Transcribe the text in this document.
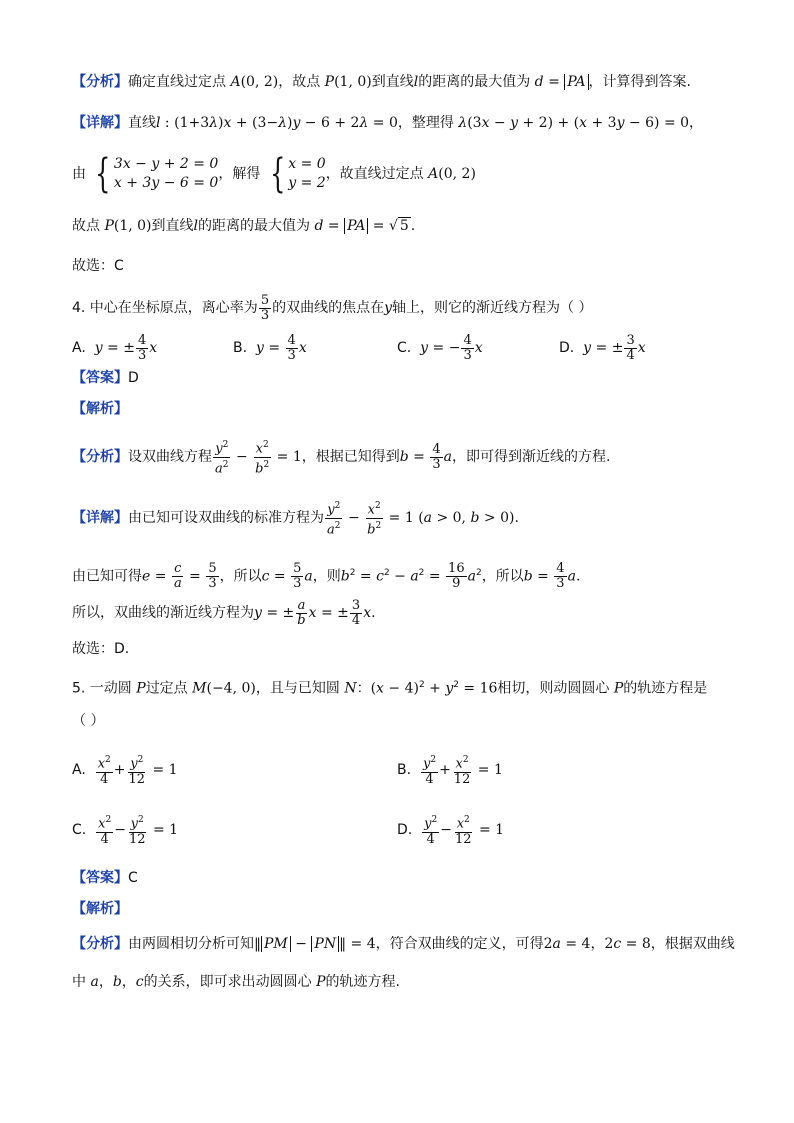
【分析】确定直线过定点 A(0, 2)，故点 P(1, 0)到直线l的距离的最大值为 d = PA ，计算得到答案.
【详解】直线l : (1+3λ)x + (3−λ)y − 6 + 2λ = 0，整理得 λ(3x − y + 2) + (x + 3y − 6) = 0，
由 { 3x − y + 2 = 0
x + 3y − 6 = 0
，解得 { x = 0
y = 2
，故直线过定点 A(0, 2)
故点 P(1, 0)到直线l的距离的最大值为 d = PA = √ 5 .
故选：C
4. 中心在坐标原点，离心率为 $\frac{5}{3}$ 的双曲线的焦点在y轴上，则它的渐近线方程为（ ）
A. y = ± $\frac{4}{3}$ x	B. $y = \frac{4}{3}$ x	C. y = − $\frac{4}{3}$ x	D. y = ± $\frac{3}{4}$ x
【答案】D
【解析】
【分析】设双曲线方程 $\frac{y^2}{a^2} - \frac{x^2}{b^2} = 1$，根据已知得到$b = \frac{4}{3}$ a，即可得到渐近线的方程.
【详解】由已知可设双曲线的标准方程为 $\frac{y^2}{a^2} - \frac{x^2}{b^2} = 1$ (a > 0, b > 0).
由已知可得$e = \frac{c}{a} = \frac{5}{3}$ ，所以$c = \frac{5}{3}$ a，则$b^2 = c^2 - a^2 = \frac{16}{9} a^2$，所以$b = \frac{4}{3} a$.
所以，双曲线的渐近线方程为y = ± $\frac{a}{b}$ x = ± $\frac{3}{4} x$.
故选：D.
5. 一动圆 P过定点 M(−4, 0)，且与已知圆 N：$(x - 4)^2 + y^2 = 16$相切，则动圆圆心 P的轨迹方程是
（ ）
A. $\frac{x^2}{4} + \frac{y^2}{12} = 1$	B. $\frac{y^2}{4} + \frac{x^2}{12} = 1$
C. $\frac{x^2}{4} - \frac{y^2}{12} = 1$	D. $\frac{y^2}{4} - \frac{x^2}{12} = 1$
【答案】C
【解析】
【分析】由两圆相切分析可知‖ PM − PN ‖ = 4，符合双曲线的定义，可得2a = 4，2c = 8，根据双曲线
中 a，b，c的关系，即可求出动圆圆心 P的轨迹方程.
